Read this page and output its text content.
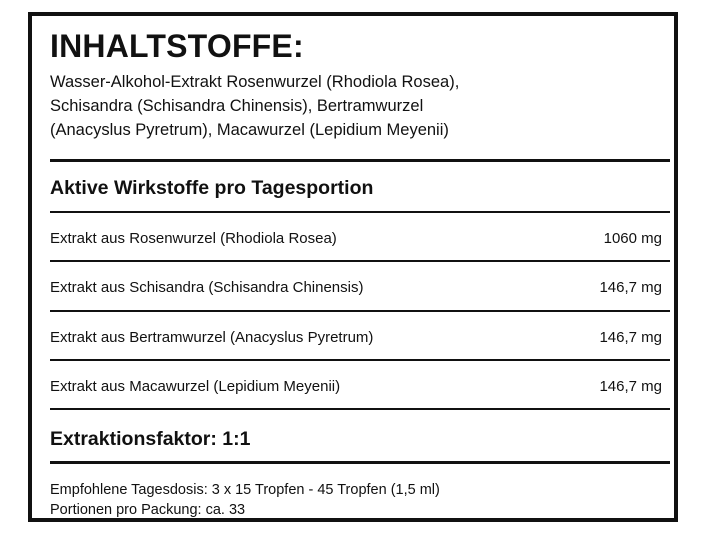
INHALTSTOFFE:
Wasser-Alkohol-Extrakt Rosenwurzel (Rhodiola Rosea),
Schisandra (Schisandra Chinensis), Bertramwurzel
(Anacyslus Pyretrum), Macawurzel (Lepidium Meyenii)
Aktive Wirkstoffe pro Tagesportion
Extrakt aus Rosenwurzel (Rhodiola Rosea)	1060 mg
Extrakt aus Schisandra (Schisandra Chinensis)	146,7 mg
Extrakt aus Bertramwurzel (Anacyslus Pyretrum)	146,7 mg
Extrakt aus Macawurzel (Lepidium Meyenii)	146,7 mg
Extraktionsfaktor: 1:1
Empfohlene Tagesdosis: 3 x 15 Tropfen - 45 Tropfen (1,5 ml)
Portionen pro Packung: ca. 33
